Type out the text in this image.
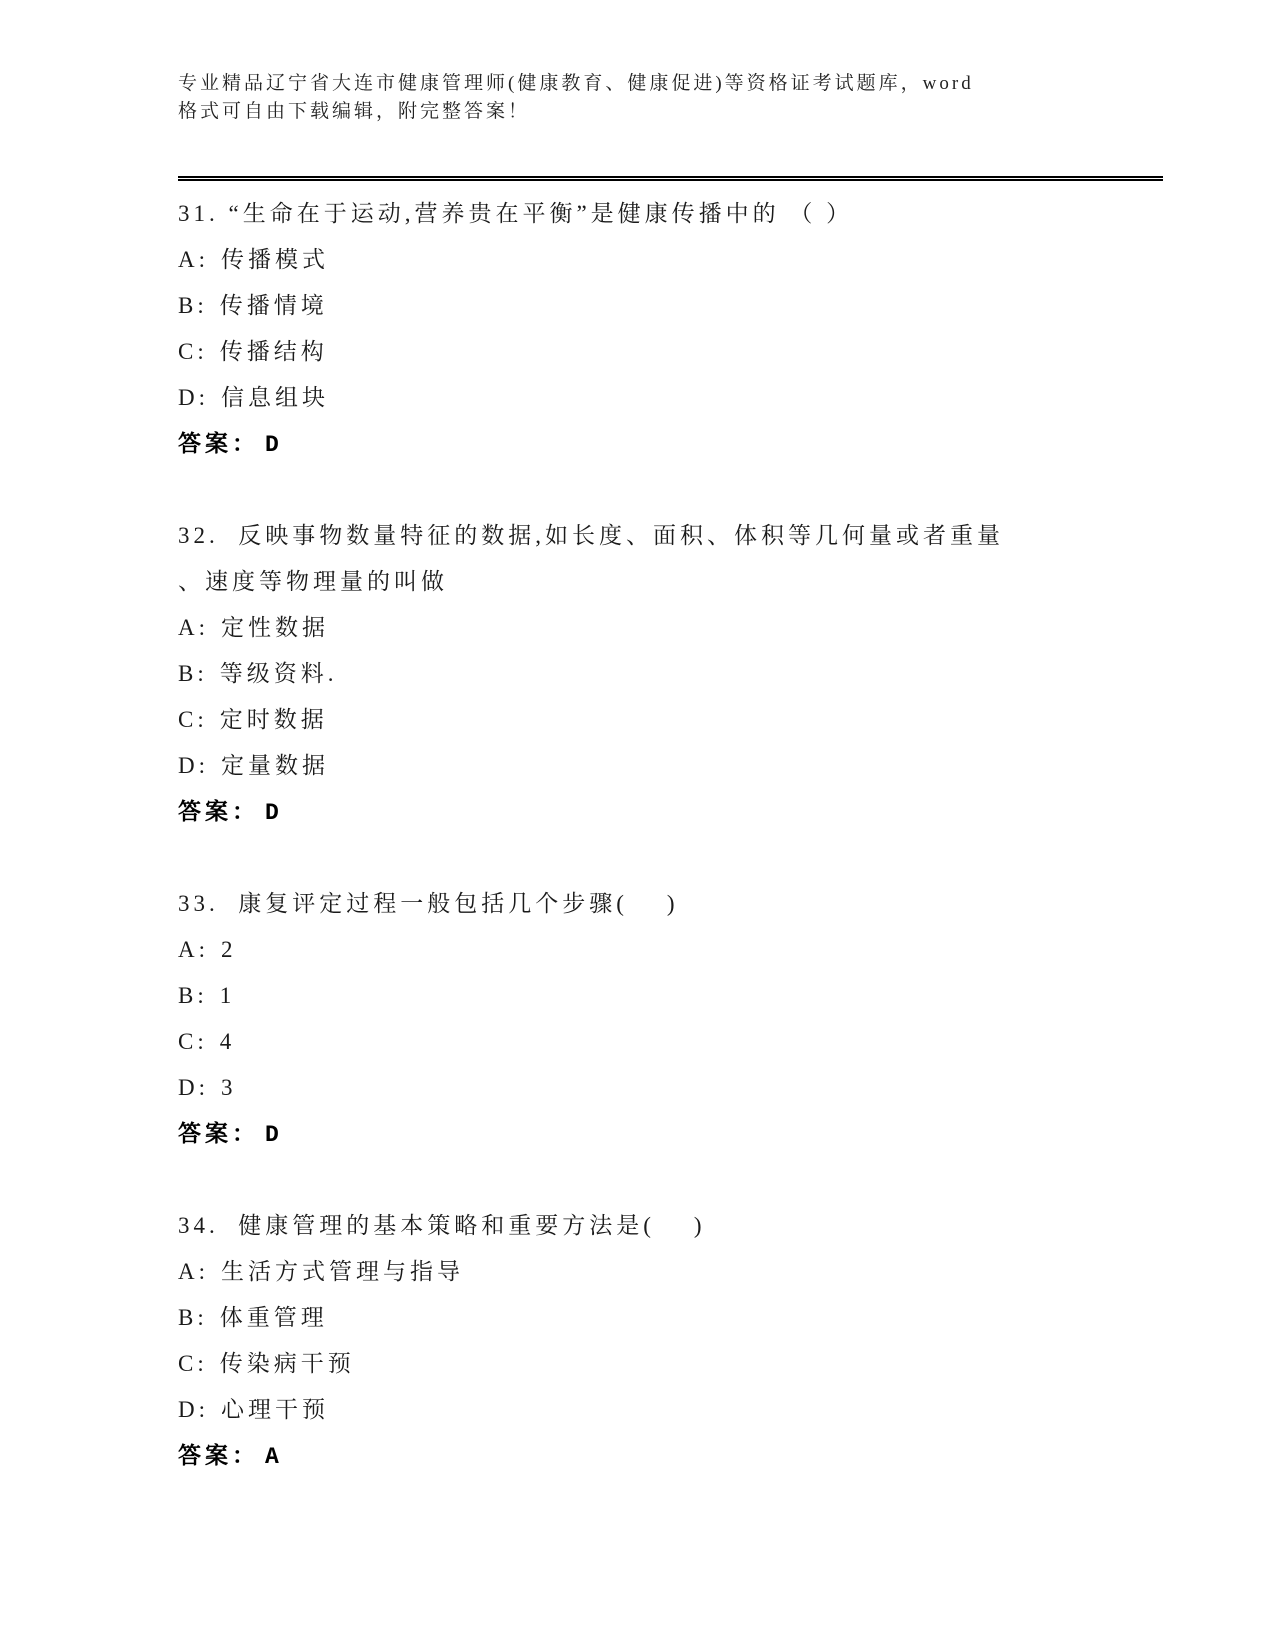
专业精品辽宁省大连市健康管理师(健康教育、健康促进)等资格证考试题库，word
格式可自由下载编辑，附完整答案！

31. “生命在于运动,营养贵在平衡”是健康传播中的 （ ）

A: 传播模式

B: 传播情境

C: 传播结构

D: 信息组块

答案： D

32.  反映事物数量特征的数据,如长度、面积、体积等几何量或者重量

、速度等物理量的叫做

A: 定性数据

B: 等级资料.

C: 定时数据

D: 定量数据

答案： D

33.  康复评定过程一般包括几个步骤(    )

A: 2

B: 1

C: 4

D: 3

答案： D

34.  健康管理的基本策略和重要方法是(    )

A: 生活方式管理与指导

B: 体重管理

C: 传染病干预

D: 心理干预

答案： A
